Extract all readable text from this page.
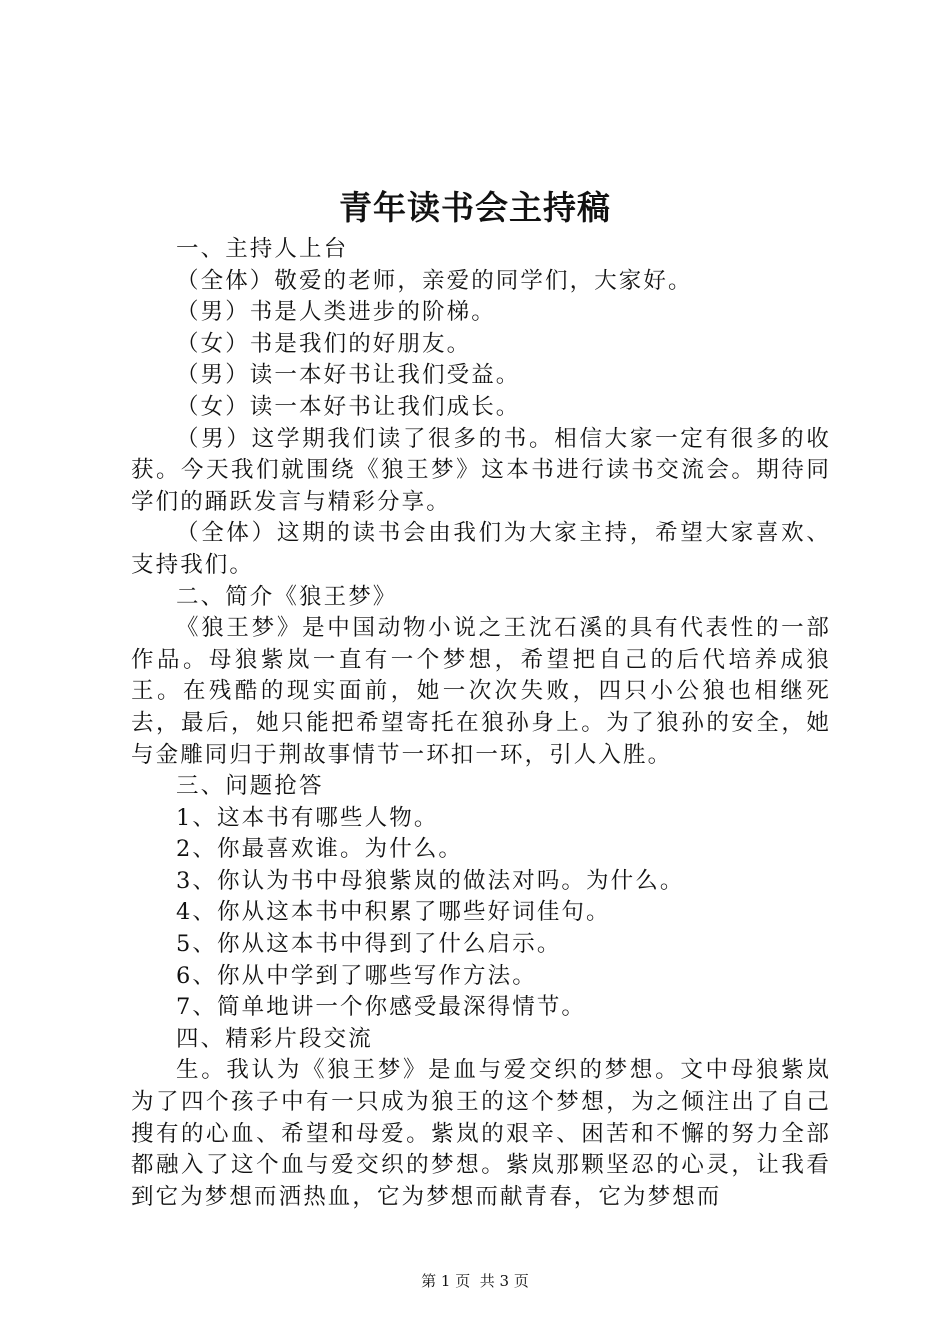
青年读书会主持稿

一、主持人上台

（全体）敬爱的老师，亲爱的同学们，大家好。

（男）书是人类进步的阶梯。

（女）书是我们的好朋友。

（男）读一本好书让我们受益。

（女）读一本好书让我们成长。

（男）这学期我们读了很多的书。相信大家一定有很多的收获。今天我们就围绕《狼王梦》这本书进行读书交流会。期待同学们的踊跃发言与精彩分享。

（全体）这期的读书会由我们为大家主持，希望大家喜欢、支持我们。

二、简介《狼王梦》

《狼王梦》是中国动物小说之王沈石溪的具有代表性的一部作品。母狼紫岚一直有一个梦想，希望把自己的后代培养成狼王。在残酷的现实面前，她一次次失败，四只小公狼也相继死去，最后，她只能把希望寄托在狼孙身上。为了狼孙的安全，她与金雕同归于荆故事情节一环扣一环，引人入胜。

三、问题抢答

1、这本书有哪些人物。

2、你最喜欢谁。为什么。

3、你认为书中母狼紫岚的做法对吗。为什么。

4、你从这本书中积累了哪些好词佳句。

5、你从这本书中得到了什么启示。

6、你从中学到了哪些写作方法。

7、简单地讲一个你感受最深得情节。

四、精彩片段交流

生。我认为《狼王梦》是血与爱交织的梦想。文中母狼紫岚为了四个孩子中有一只成为狼王的这个梦想，为之倾注出了自己搜有的心血、希望和母爱。紫岚的艰辛、困苦和不懈的努力全部都融入了这个血与爱交织的梦想。紫岚那颗坚忍的心灵，让我看到它为梦想而洒热血，它为梦想而献青春，它为梦想而

第 1 页  共 3 页
